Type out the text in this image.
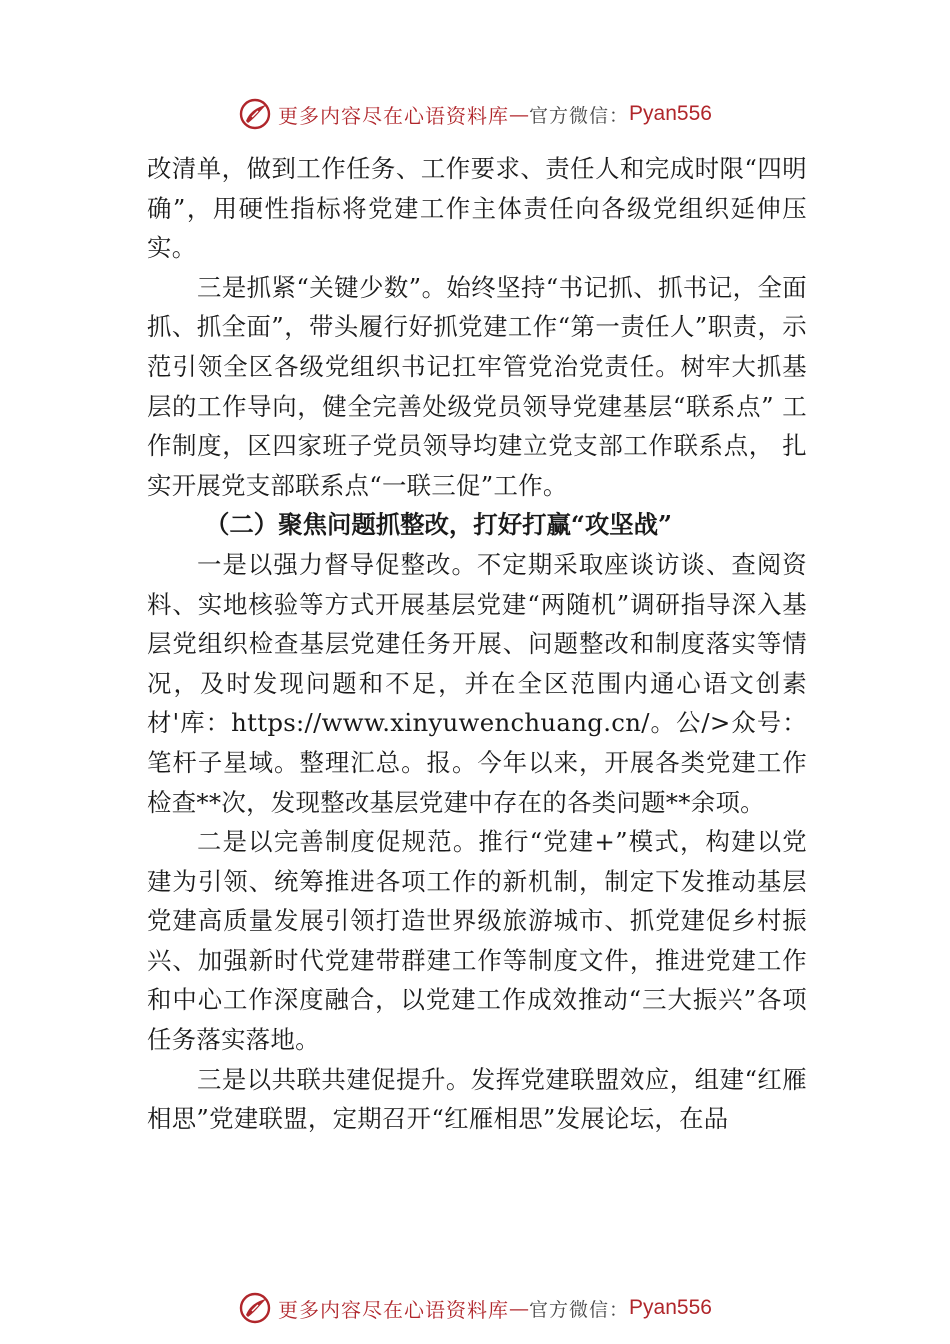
更多内容尽在心语资料库 — 官方微信： Pyan556

改清单，做到工作任务、工作要求、责任人和完成时限“四明确”，用硬性指标将党建工作主体责任向各级党组织延伸压实。

三是抓紧“关键少数”。始终坚持“书记抓、抓书记，全面抓、抓全面”，带头履行好抓党建工作“第一责任人”职责，示范引领全区各级党组织书记扛牢管党治党责任。树牢大抓基层的工作导向，健全完善处级党员领导党建基层“联系点” 工作制度，区四家班子党员领导均建立党支部工作联系点， 扎实开展党支部联系点“一联三促”工作。

（二）聚焦问题抓整改，打好打赢“攻坚战”

一是以强力督导促整改。不定期采取座谈访谈、查阅资料、实地核验等方式开展基层党建“两随机”调研指导深入基层党组织检查基层党建任务开展、问题整改和制度落实等情况，及时发现问题和不足，并在全区范围内通心语文创素材'库：https://www.xinyuwenchuang.cn/。公/>众号：笔杆子星域。整理汇总。报。今年以来，开展各类党建工作检查**次，发现整改基层党建中存在的各类问题**余项。

二是以完善制度促规范。推行“党建+”模式，构建以党建为引领、统筹推进各项工作的新机制，制定下发推动基层党建高质量发展引领打造世界级旅游城市、抓党建促乡村振兴、加强新时代党建带群建工作等制度文件，推进党建工作和中心工作深度融合，以党建工作成效推动“三大振兴”各项任务落实落地。

三是以共联共建促提升。发挥党建联盟效应，组建“红雁相思”党建联盟，定期召开“红雁相思”发展论坛，在品

更多内容尽在心语资料库 — 官方微信： Pyan556
